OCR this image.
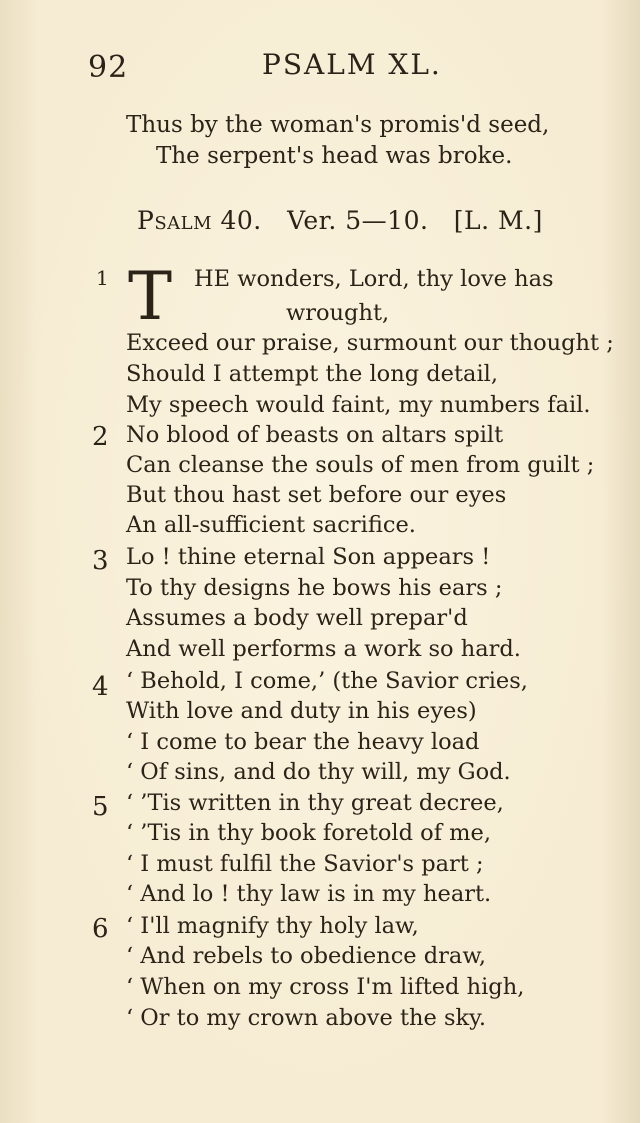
92	PSALM XL.
Thus by the woman's promis'd seed,
The serpent's head was broke.
Psalm 40. Ver. 5—10. [L. M.]
1 T HE wonders, Lord, thy love has
wrought,
Exceed our praise, surmount our thought ;
Should I attempt the long detail,
My speech would faint, my numbers fail.
2 No blood of beasts on altars spilt
Can cleanse the souls of men from guilt ;
But thou hast set before our eyes
An all-sufficient sacrifice.
3 Lo ! thine eternal Son appears !
To thy designs he bows his ears ;
Assumes a body well prepar'd
And well performs a work so hard.
4 ‘ Behold, I come,’ (the Savior cries,
With love and duty in his eyes)
‘ I come to bear the heavy load
‘ Of sins, and do thy will, my God.
5 ‘ ’Tis written in thy great decree,
‘ ’Tis in thy book foretold of me,
‘ I must fulfil the Savior's part ;
‘ And lo ! thy law is in my heart.
6 ‘ I'll magnify thy holy law,
‘ And rebels to obedience draw,
‘ When on my cross I'm lifted high,
‘ Or to my crown above the sky.
